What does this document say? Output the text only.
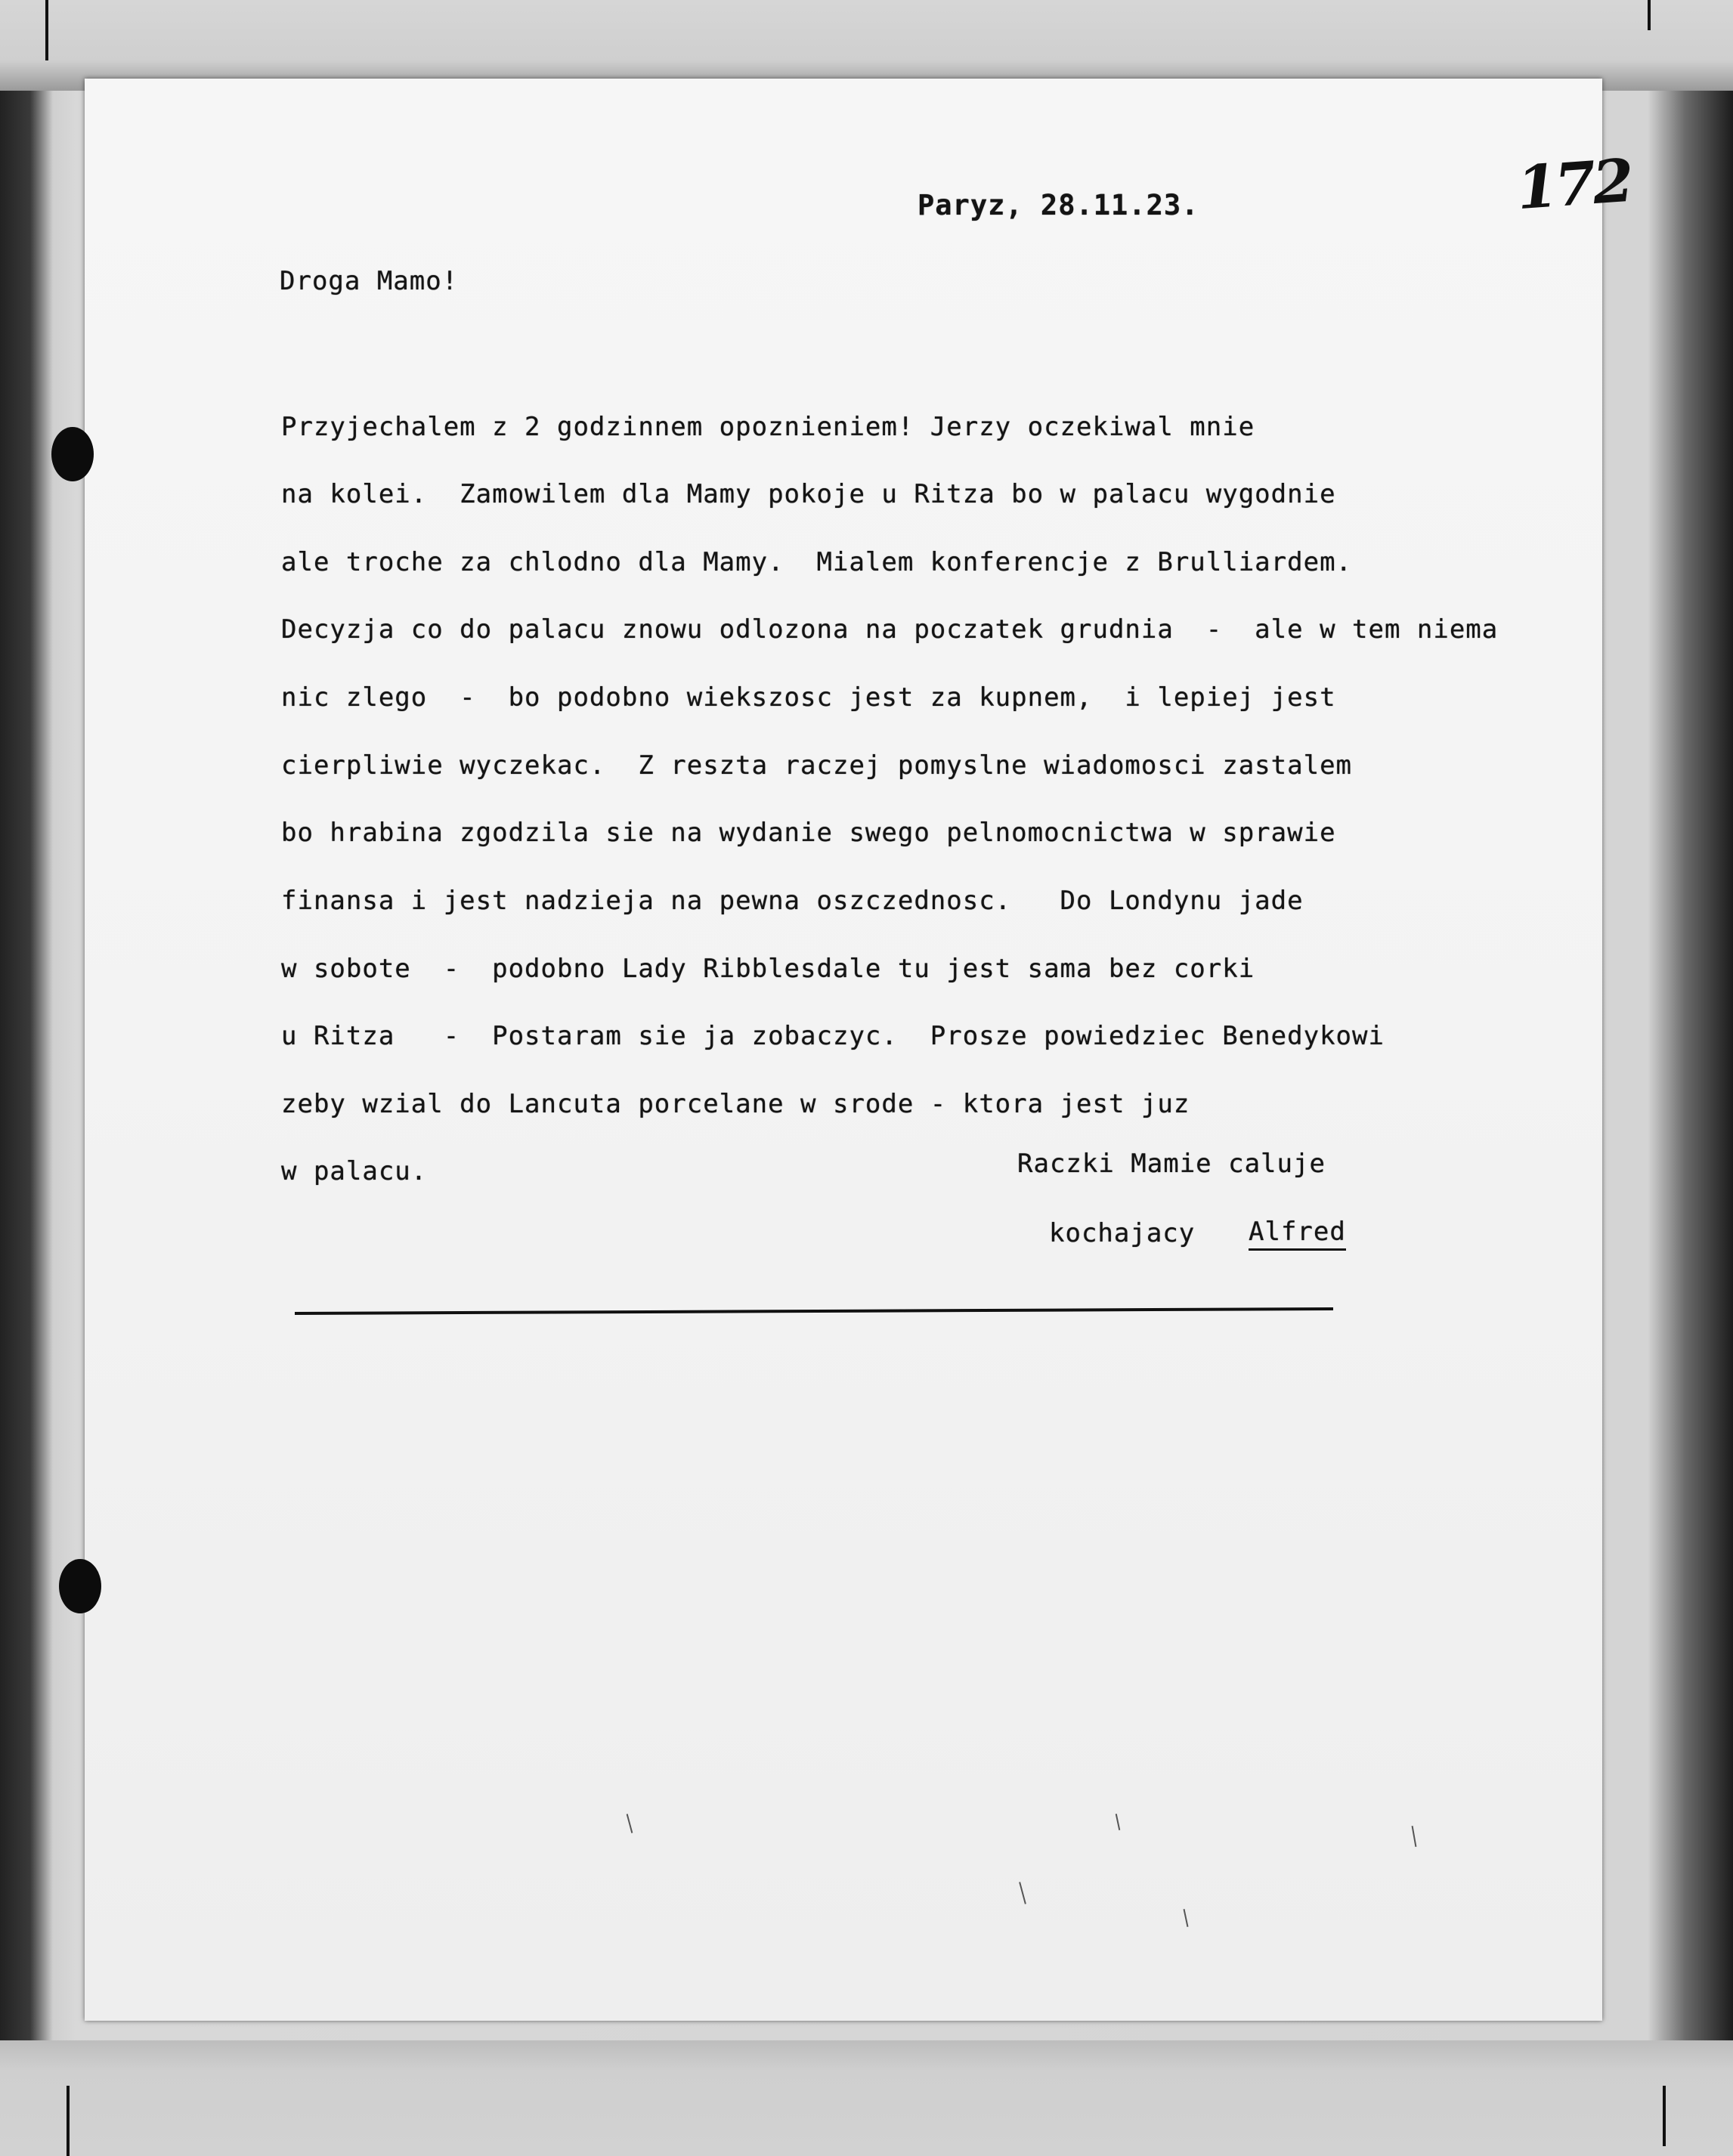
172
Paryz, 28.11.23.
Droga Mamo!
Przyjechalem z 2 godzinnem opoznieniem! Jerzy oczekiwal mnie
na kolei.  Zamowilem dla Mamy pokoje u Ritza bo w palacu wygodnie
ale troche za chlodno dla Mamy.  Mialem konferencje z Brulliardem.
Decyzja co do palacu znowu odlozona na poczatek grudnia  -  ale w tem niema
nic zlego  -  bo podobno wiekszosc jest za kupnem,  i lepiej jest
cierpliwie wyczekac.  Z reszta raczej pomyslne wiadomosci zastalem
bo hrabina zgodzila sie na wydanie swego pelnomocnictwa w sprawie
finansa i jest nadzieja na pewna oszczednosc.   Do Londynu jade
w sobote  -  podobno Lady Ribblesdale tu jest sama bez corki
u Ritza   -  Postaram sie ja zobaczyc.  Prosze powiedziec Benedykowi
zeby wzial do Lancuta porcelane w srode - ktora jest juz
w palacu.	Raczki Mamie caluje
kochajacy Alfred
